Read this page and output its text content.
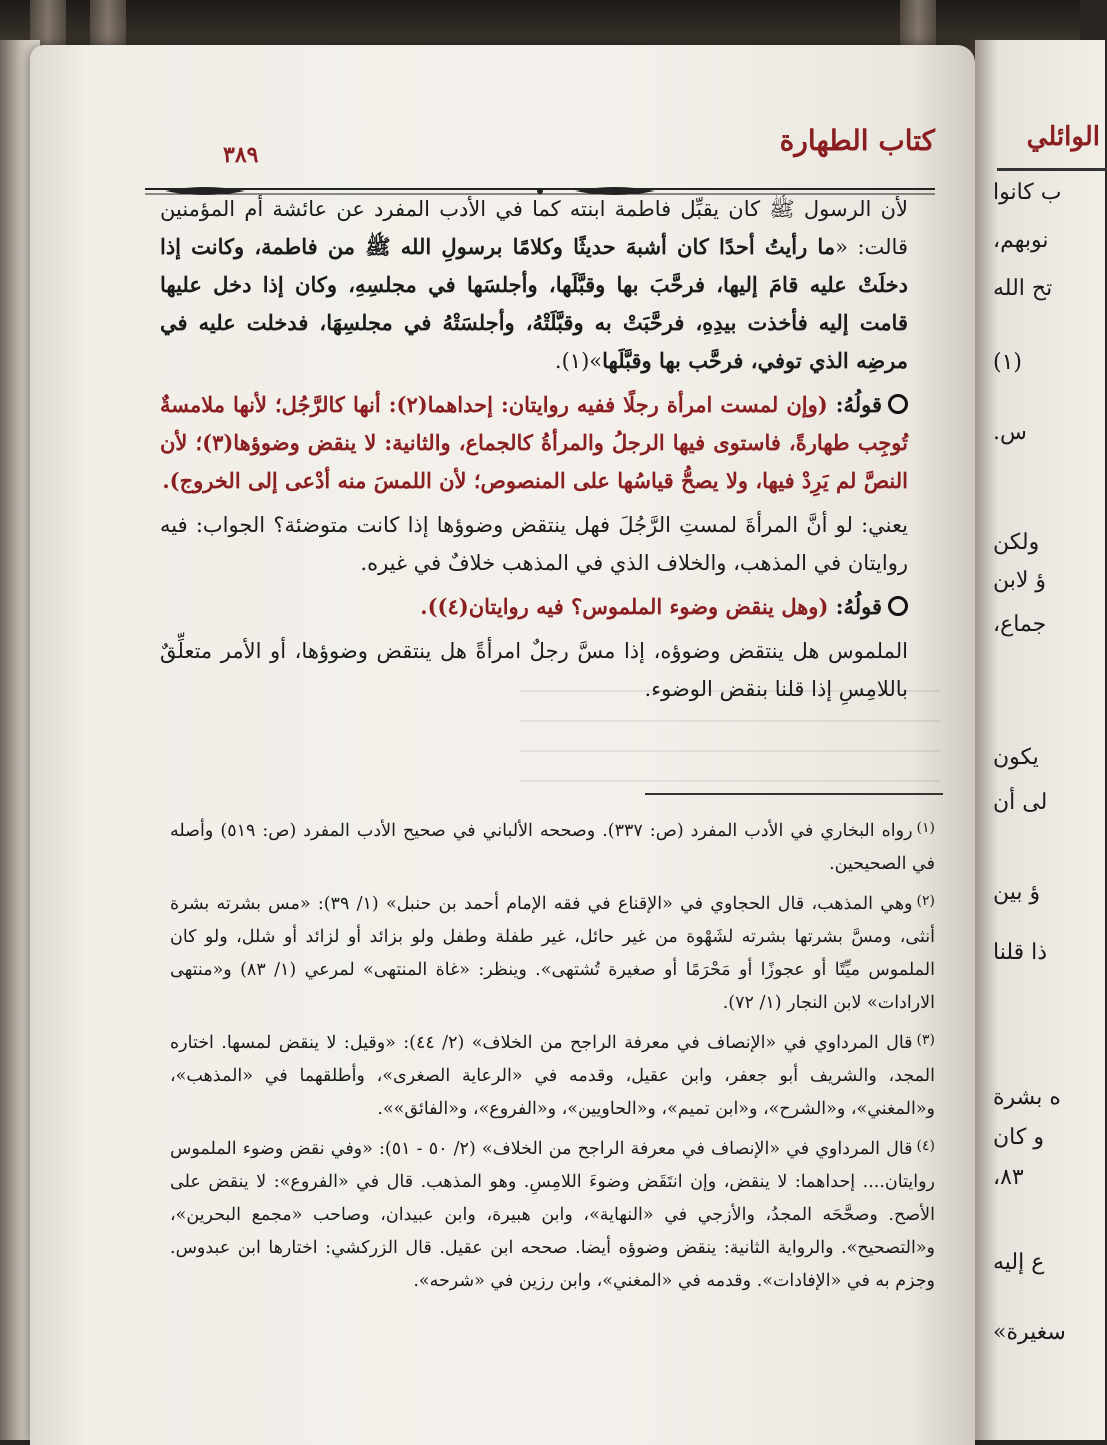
الوائلي
ب كانوا
نوبهم،
تح الله
(١)
س.
ولكن
ؤ لابن
جماع،
يكون
لى أن
ؤ بين
ذا قلنا
ه بشرة
و كان
٨٣،
ع إليه
سغيرة»
كتاب الطهارة
٣٨٩

لأن الرسول ﷺ كان يقبِّل فاطمة ابنته كما في الأدب المفرد عن عائشة أم المؤمنين قالت: «ما رأيتُ أحدًا كان أشبهَ حديثًا وكلامًا برسولِ الله ﷺ من فاطمة، وكانت إذا دخلَتْ عليه قامَ إليها، فرحَّبَ بها وقبَّلَها، وأجلسَها في مجلسِهِ، وكان إذا دخل عليها قامت إليه فأخذت بيدِهِ، فرحَّبَتْ به وقبَّلَتْهُ، وأجلسَتْهُ في مجلسِهَا، فدخلت عليه في مرضِه الذي توفي، فرحَّب بها وقبَّلَها»(١).

قولُهُ: (وإن لمست امرأة رجلًا ففيه روايتان: إحداهما(٢): أنها كالرَّجُل؛ لأنها ملامسةٌ تُوجِب طهارةً، فاستوى فيها الرجلُ والمرأةُ كالجماع، والثانية: لا ينقض وضوؤها(٣)؛ لأن النصَّ لم يَرِدْ فيها، ولا يصحُّ قياسُها على المنصوص؛ لأن اللمسَ منه أدْعى إلى الخروج).

يعني: لو أنَّ المرأةَ لمستِ الرَّجُلَ فهل ينتقض وضوؤها إذا كانت متوضئة؟ الجواب: فيه روايتان في المذهب، والخلاف الذي في المذهب خلافٌ في غيره.

قولُهُ: (وهل ينقض وضوء الملموس؟ فيه روايتان(٤)).

الملموس هل ينتقض وضوؤه، إذا مسَّ رجلٌ امرأةً هل ينتقض وضوؤها، أو الأمر متعلِّقٌ باللامِسِ إذا قلنا بنقض الوضوء.

$^{(١)}$رواه البخاري في الأدب المفرد (ص: ٣٣٧). وصححه الألباني في صحيح الأدب المفرد (ص: ٥١٩) وأصله في الصحيحين.

$^{(٢)}$وهي المذهب، قال الحجاوي في «الإقناع في فقه الإمام أحمد بن حنبل» (١/ ٣٩): «مس بشرته بشرة أنثى، ومسَّ بشرتها بشرته لشَهْوة من غير حائل، غير طفلة وطفل ولو بزائد أو لزائد أو شلل، ولو كان الملموس ميِّتًا أو عجوزًا أو مَحْرَمًا أو صغيرة تُشتهى». وينظر: «غاة المنتهى» لمرعي (١/ ٨٣) و«منتهى الارادات» لابن النجار (١/ ٧٢).

$^{(٣)}$قال المرداوي في «الإنصاف في معرفة الراجح من الخلاف» (٢/ ٤٤): «وقيل: لا ينقض لمسها. اختاره المجد، والشريف أبو جعفر، وابن عقيل، وقدمه في «الرعاية الصغرى»، وأطلقهما في «المذهب»، و«المغني»، و«الشرح»، و«ابن تميم»، و«الحاويين»، و«الفروع»، و«الفائق»».

$^{(٤)}$قال المرداوي في «الإنصاف في معرفة الراجح من الخلاف» (٢/ ٥٠ - ٥١): «وفي نقض وضوء الملموس روايتان.... إحداهما: لا ينقض، وإن انتَقَض وضوءَ اللامِسِ. وهو المذهب. قال في «الفروع»: لا ينقض على الأصح. وصحَّحَه المجدُ، والأزجي في «النهاية»، وابن هبيرة، وابن عبيدان، وصاحب «مجمع البحرين»، و«التصحيح». والرواية الثانية: ينقض وضوؤه أيضا. صححه ابن عقيل. قال الزركشي: اختارها ابن عبدوس. وجزم به في «الإفادات». وقدمه في «المغني»، وابن رزين في «شرحه».
